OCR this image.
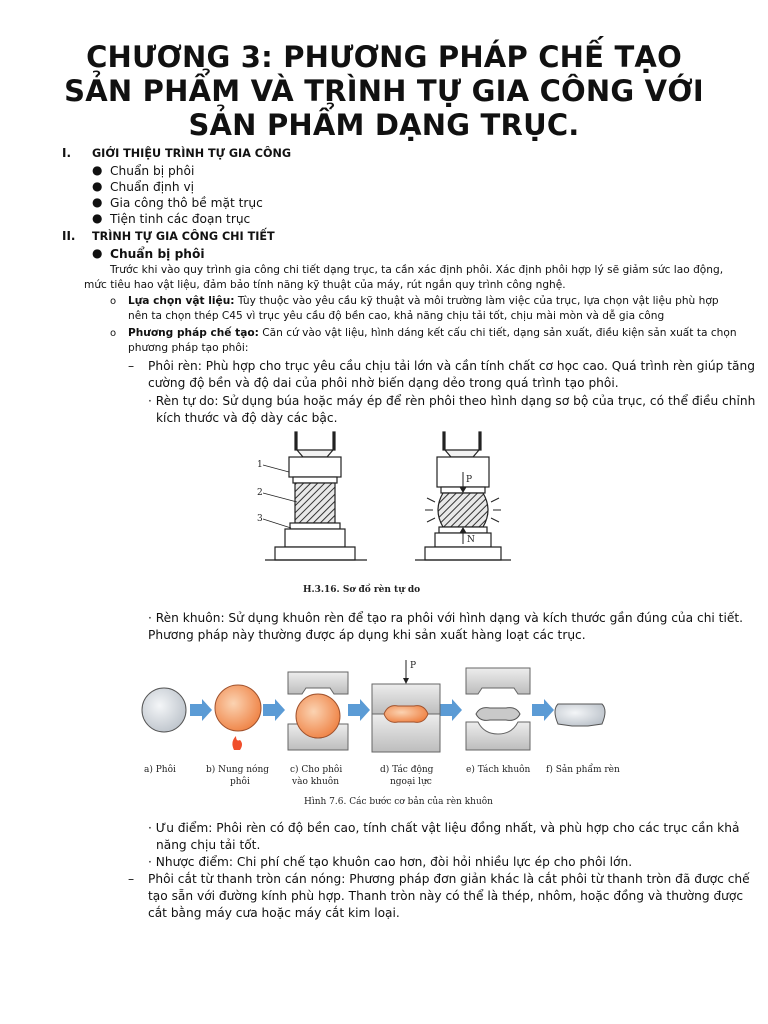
CHƯƠNG 3: PHƯƠNG PHÁP CHẾ TẠO
SẢN PHẨM VÀ TRÌNH TỰ GIA CÔNG VỚI
SẢN PHẨM DẠNG TRỤC.
I. GIỚI THIỆU TRÌNH TỰ GIA CÔNG
● Chuẩn bị phôi
● Chuẩn định vị
● Gia công thô bề mặt trục
● Tiện tinh các đoạn trục
II. TRÌNH TỰ GIA CÔNG CHI TIẾT
● Chuẩn bị phôi
Trước khi vào quy trình gia công chi tiết dạng trục, ta cần xác định phôi. Xác định phôi hợp lý sẽ giảm sức lao động,
mức tiêu hao vật liệu, đảm bảo tính năng kỹ thuật của máy, rút ngắn quy trình công nghệ.
o Lựa chọn vật liệu: Tùy thuộc vào yêu cầu kỹ thuật và môi trường làm việc của trục, lựa chọn vật liệu phù hợp
nên ta chọn thép C45 vì trục yêu cầu độ bền cao, khả năng chịu tải tốt, chịu mài mòn và dễ gia công
o Phương pháp chế tạo: Căn cứ vào vật liệu, hình dáng kết cấu chi tiết, dạng sản xuất, điều kiện sản xuất ta chọn
phương pháp tạo phôi:
– Phôi rèn: Phù hợp cho trục yêu cầu chịu tải lớn và cần tính chất cơ học cao. Quá trình rèn giúp tăng
cường độ bền và độ dai của phôi nhờ biến dạng dẻo trong quá trình tạo phôi.
· Rèn tự do: Sử dụng búa hoặc máy ép để rèn phôi theo hình dạng sơ bộ của trục, có thể điều chỉnh
kích thước và độ dày các bậc.
1
2
3
P
N
H.3.16. Sơ đồ rèn tự do
· Rèn khuôn: Sử dụng khuôn rèn để tạo ra phôi với hình dạng và kích thước gần đúng của chi tiết.
Phương pháp này thường được áp dụng khi sản xuất hàng loạt các trục.
P
a) Phôi	b) Nung nóng
phôi
c) Cho phôi
vào khuôn
d) Tác động
ngoại lực
e) Tách khuôn f) Sản phẩm rèn
Hình 7.6. Các bước cơ bản của rèn khuôn
· Ưu điểm: Phôi rèn có độ bền cao, tính chất vật liệu đồng nhất, và phù hợp cho các trục cần khả
năng chịu tải tốt.
· Nhược điểm: Chi phí chế tạo khuôn cao hơn, đòi hỏi nhiều lực ép cho phôi lớn.
– Phôi cắt từ thanh tròn cán nóng: Phương pháp đơn giản khác là cắt phôi từ thanh tròn đã được chế
tạo sẵn với đường kính phù hợp. Thanh tròn này có thể là thép, nhôm, hoặc đồng và thường được
cắt bằng máy cưa hoặc máy cắt kim loại.
